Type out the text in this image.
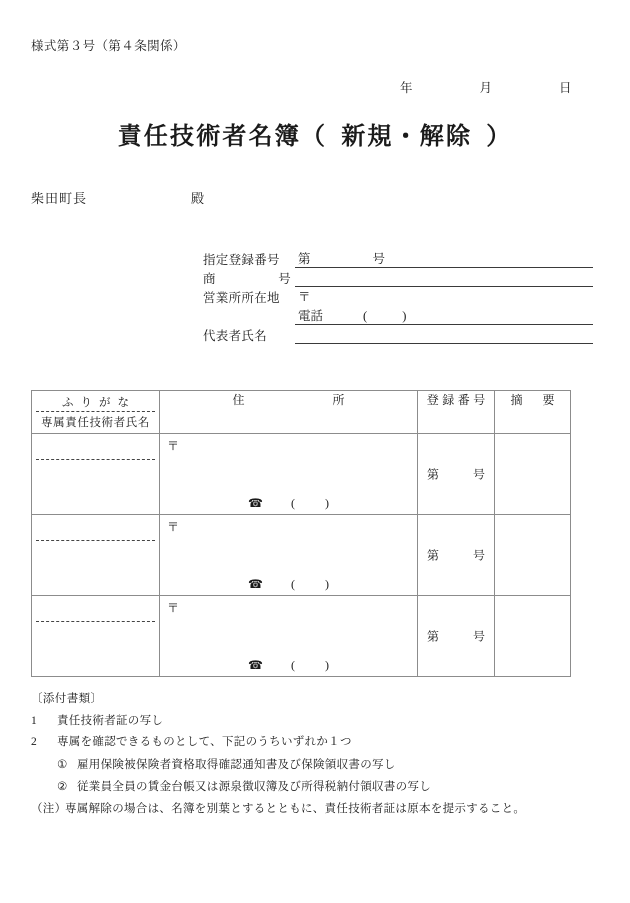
様式第３号（第４条関係）
年	月	日
責任技術者名簿（ 新規・解除 ）
柴田町長	殿
指定登録番号	第	号
商	号
営業所所在地	〒
電話	(	)
代表者氏名
ふりがな
専属責任技術者氏名	住 所	登録番号	摘 要

	〒
☎ ( )	第 号	

	〒
☎ ( )	第 号	

	〒
☎ ( )	第 号	

〔添付書類〕
1 責任技術者証の写し
2 専属を確認できるものとして、下記のうちいずれか１つ
① 雇用保険被保険者資格取得確認通知書及び保険領収書の写し
② 従業員全員の賃金台帳又は源泉徴収簿及び所得税納付領収書の写し
（注）専属解除の場合は、名簿を別葉とするとともに、責任技術者証は原本を提示すること。
